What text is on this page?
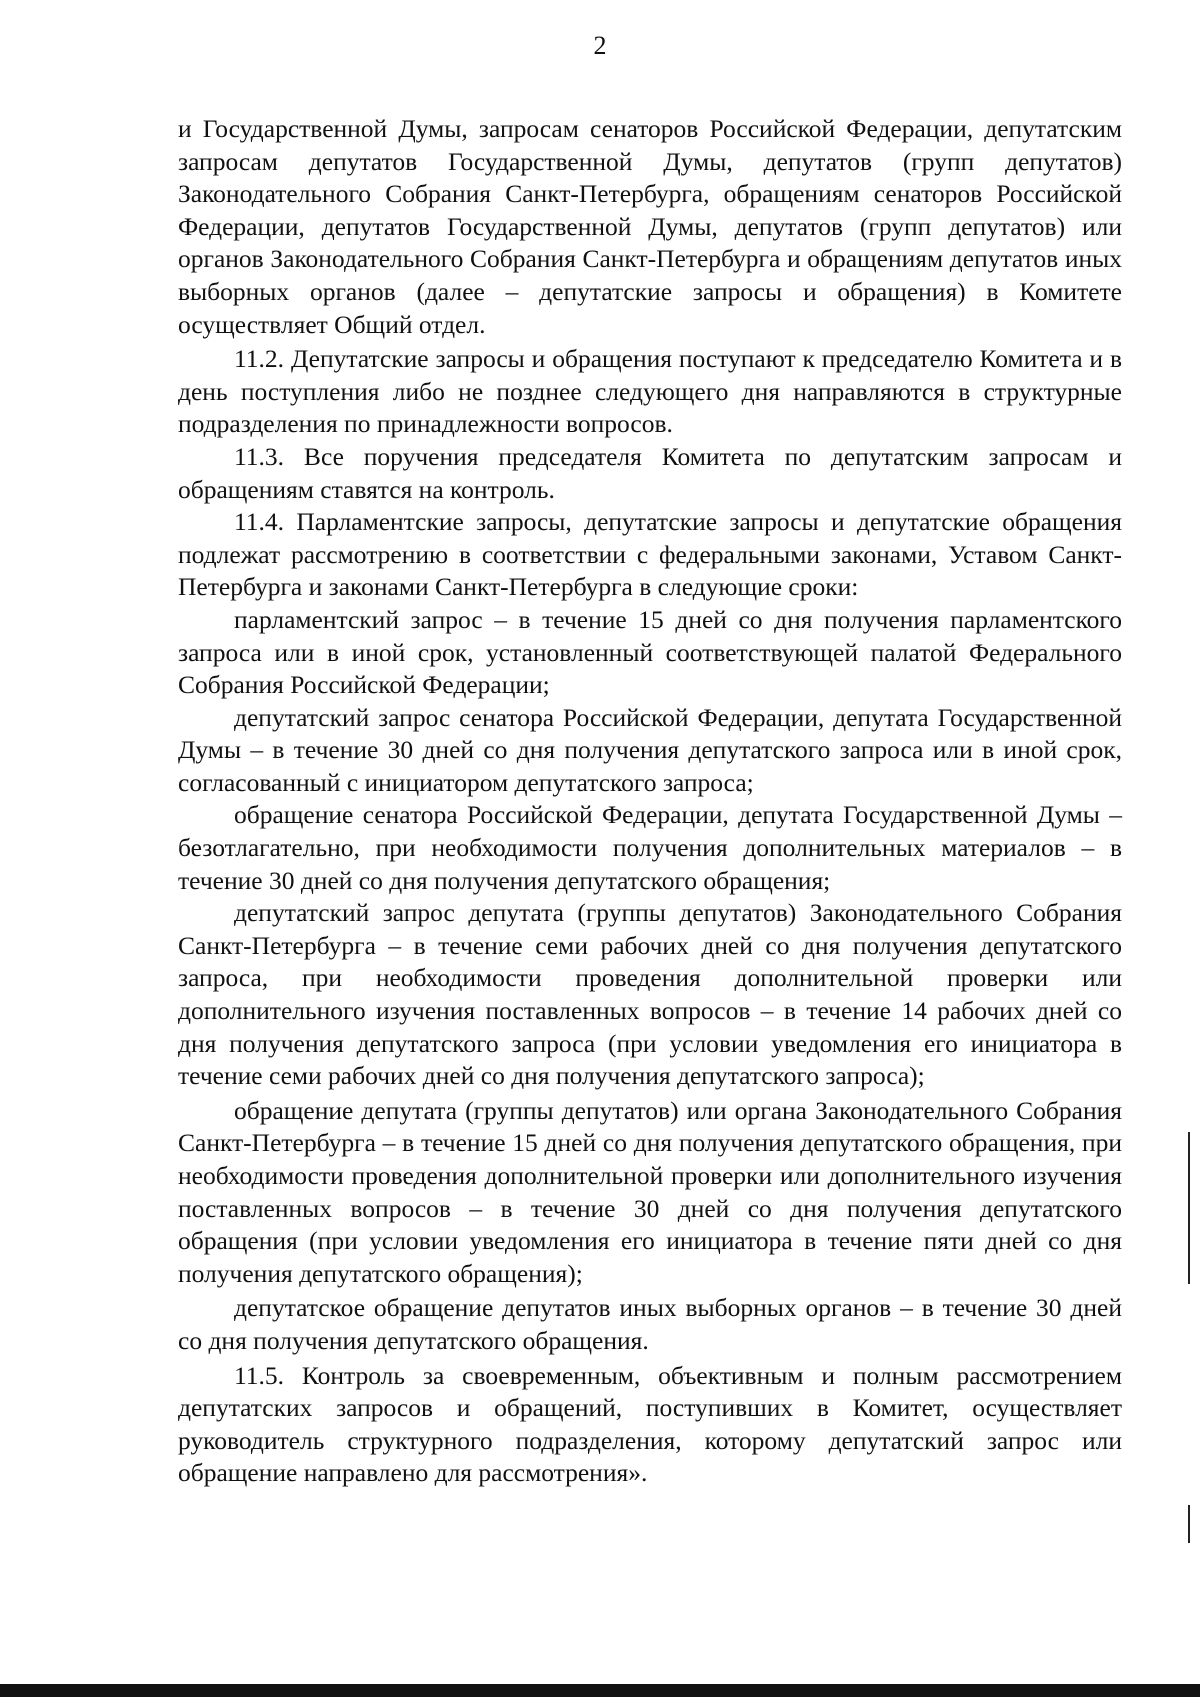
2

и Государственной Думы, запросам сенаторов Российской Федерации, депутатским запросам депутатов Государственной Думы, депутатов (групп депутатов) Законодательного Собрания Санкт-Петербурга, обращениям сенаторов Российской Федерации, депутатов Государственной Думы, депутатов (групп депутатов) или органов Законодательного Собрания Санкт-Петербурга и обращениям депутатов иных выборных органов (далее – депутатские запросы и обращения) в Комитете осуществляет Общий отдел.

11.2. Депутатские запросы и обращения поступают к председателю Комитета и в день поступления либо не позднее следующего дня направляются в структурные подразделения по принадлежности вопросов.

11.3. Все поручения председателя Комитета по депутатским запросам и обращениям ставятся на контроль.

11.4. Парламентские запросы, депутатские запросы и депутатские обращения подлежат рассмотрению в соответствии с федеральными законами, Уставом Санкт-Петербурга и законами Санкт-Петербурга в следующие сроки:

парламентский запрос – в течение 15 дней со дня получения парламентского запроса или в иной срок, установленный соответствующей палатой Федерального Собрания Российской Федерации;

депутатский запрос сенатора Российской Федерации, депутата Государственной Думы – в течение 30 дней со дня получения депутатского запроса или в иной срок, согласованный с инициатором депутатского запроса;

обращение сенатора Российской Федерации, депутата Государственной Думы – безотлагательно, при необходимости получения дополнительных материалов – в течение 30 дней со дня получения депутатского обращения;

депутатский запрос депутата (группы депутатов) Законодательного Собрания Санкт-Петербурга – в течение семи рабочих дней со дня получения депутатского запроса, при необходимости проведения дополнительной проверки или дополнительного изучения поставленных вопросов – в течение 14 рабочих дней со дня получения депутатского запроса (при условии уведомления его инициатора в течение семи рабочих дней со дня получения депутатского запроса);

обращение депутата (группы депутатов) или органа Законодательного Собрания Санкт-Петербурга – в течение 15 дней со дня получения депутатского обращения, при необходимости проведения дополнительной проверки или дополнительного изучения поставленных вопросов – в течение 30 дней со дня получения депутатского обращения (при условии уведомления его инициатора в течение пяти дней со дня получения депутатского обращения);

депутатское обращение депутатов иных выборных органов – в течение 30 дней со дня получения депутатского обращения.

11.5. Контроль за своевременным, объективным и полным рассмотрением депутатских запросов и обращений, поступивших в Комитет, осуществляет руководитель структурного подразделения, которому депутатский запрос или обращение направлено для рассмотрения».
